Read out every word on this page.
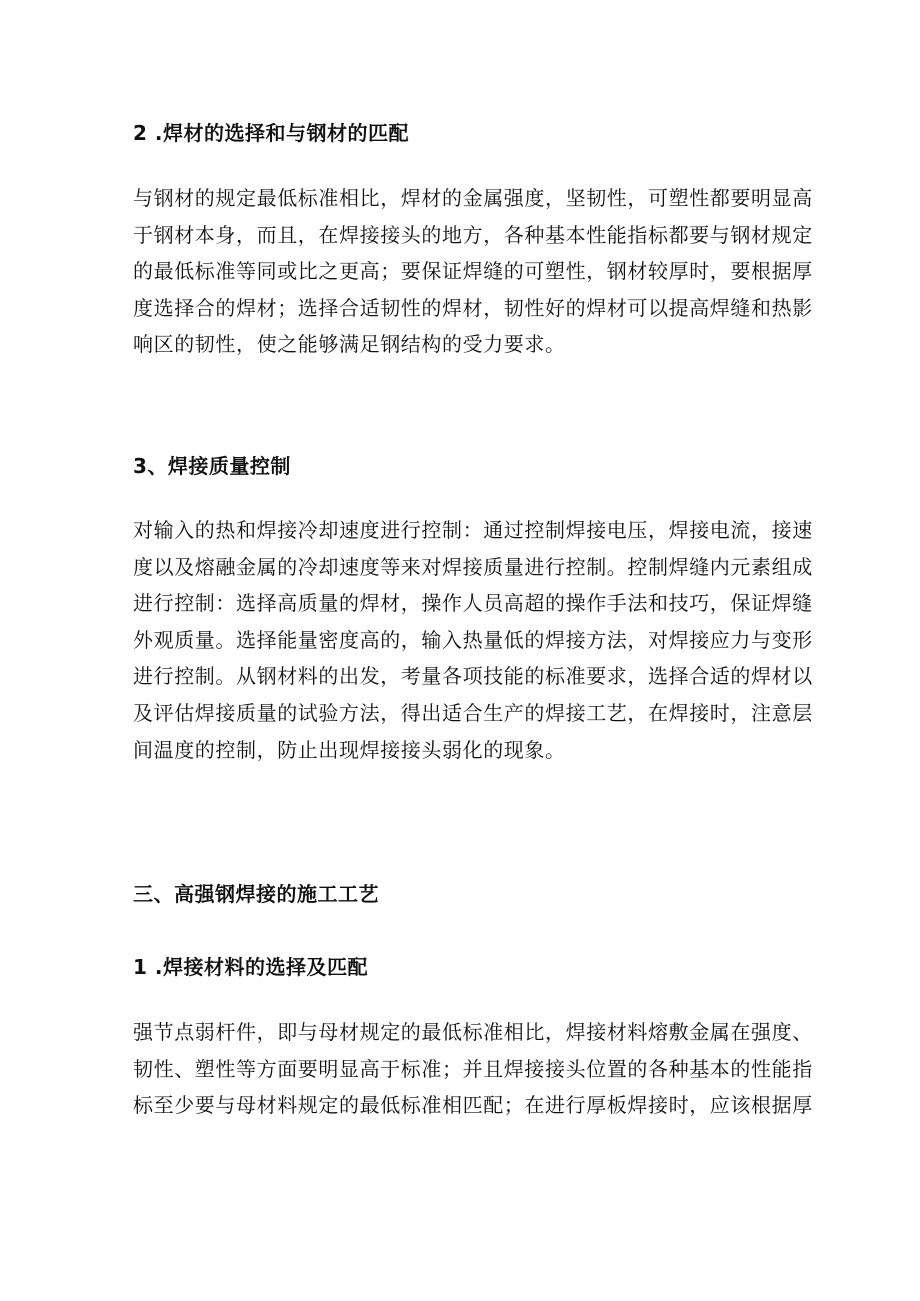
2 .焊材的选择和与钢材的匹配
与钢材的规定最低标准相比，焊材的金属强度，坚韧性，可塑性都要明显高
于钢材本身，而且，在焊接接头的地方，各种基本性能指标都要与钢材规定
的最低标准等同或比之更高；要保证焊缝的可塑性，钢材较厚时，要根据厚
度选择合的焊材；选择合适韧性的焊材，韧性好的焊材可以提高焊缝和热影
响区的韧性，使之能够满足钢结构的受力要求。
3、焊接质量控制
对输入的热和焊接冷却速度进行控制：通过控制焊接电压，焊接电流，接速
度以及熔融金属的冷却速度等来对焊接质量进行控制。控制焊缝内元素组成
进行控制：选择高质量的焊材，操作人员高超的操作手法和技巧，保证焊缝
外观质量。选择能量密度高的，输入热量低的焊接方法，对焊接应力与变形
进行控制。从钢材料的出发，考量各项技能的标准要求，选择合适的焊材以
及评估焊接质量的试验方法，得出适合生产的焊接工艺，在焊接时，注意层
间温度的控制，防止出现焊接接头弱化的现象。
三、高强钢焊接的施工工艺
1 .焊接材料的选择及匹配
强节点弱杆件，即与母材规定的最低标准相比，焊接材料熔敷金属在强度、
韧性、塑性等方面要明显高于标准；并且焊接接头位置的各种基本的性能指
标至少要与母材料规定的最低标准相匹配；在进行厚板焊接时，应该根据厚
